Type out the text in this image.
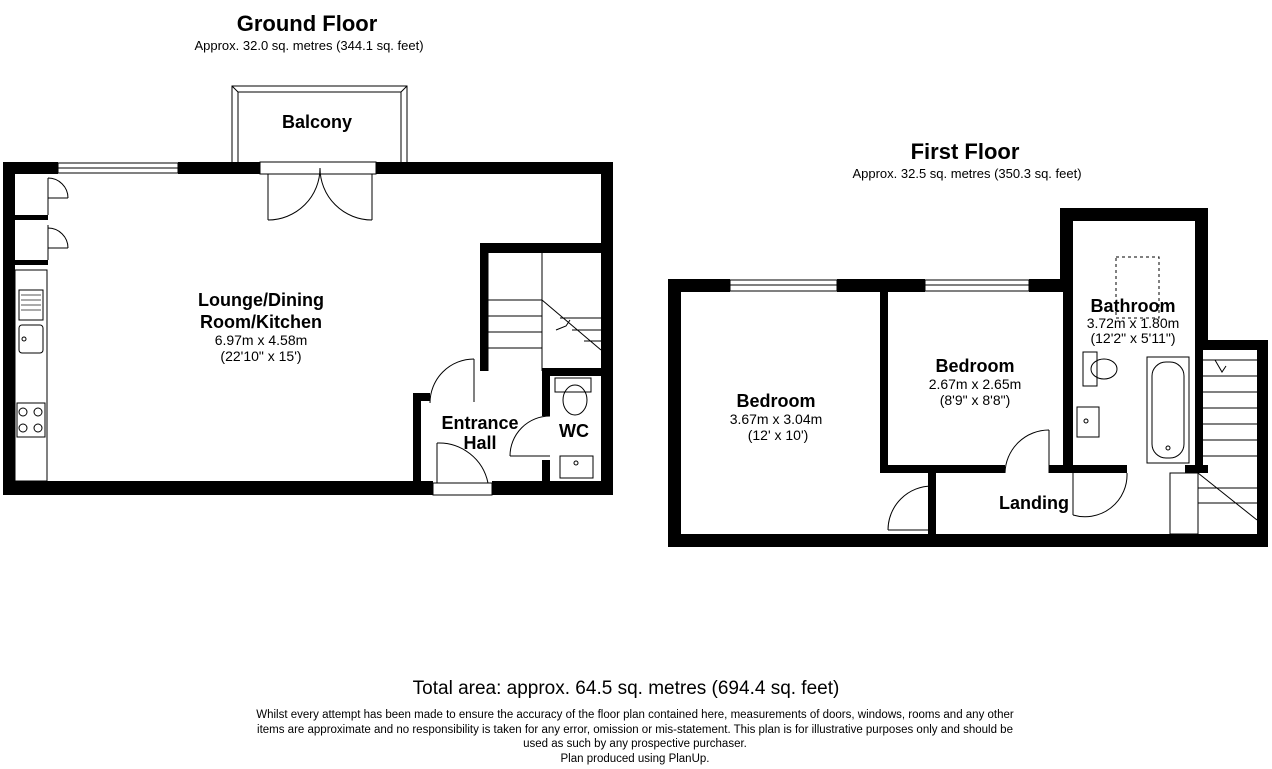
Ground Floor
Approx. 32.0 sq. metres (344.1 sq. feet)
Balcony
Lounge/Dining
Room/Kitchen
6.97m x 4.58m
(22'10" x 15')
Entrance
Hall
WC
First Floor
Approx. 32.5 sq. metres (350.3 sq. feet)
Bedroom
3.67m x 3.04m
(12' x 10')
Bedroom
2.67m x 2.65m
(8'9" x 8'8")
Bathroom
3.72m x 1.80m
(12'2" x 5'11")
Landing
Total area: approx. 64.5 sq. metres (694.4 sq. feet)
Whilst every attempt has been made to ensure the accuracy of the floor plan contained here, measurements of doors, windows, rooms and any other
items are approximate and no responsibility is taken for any error, omission or mis-statement. This plan is for illustrative purposes only and should be
used as such by any prospective purchaser.
Plan produced using PlanUp.
